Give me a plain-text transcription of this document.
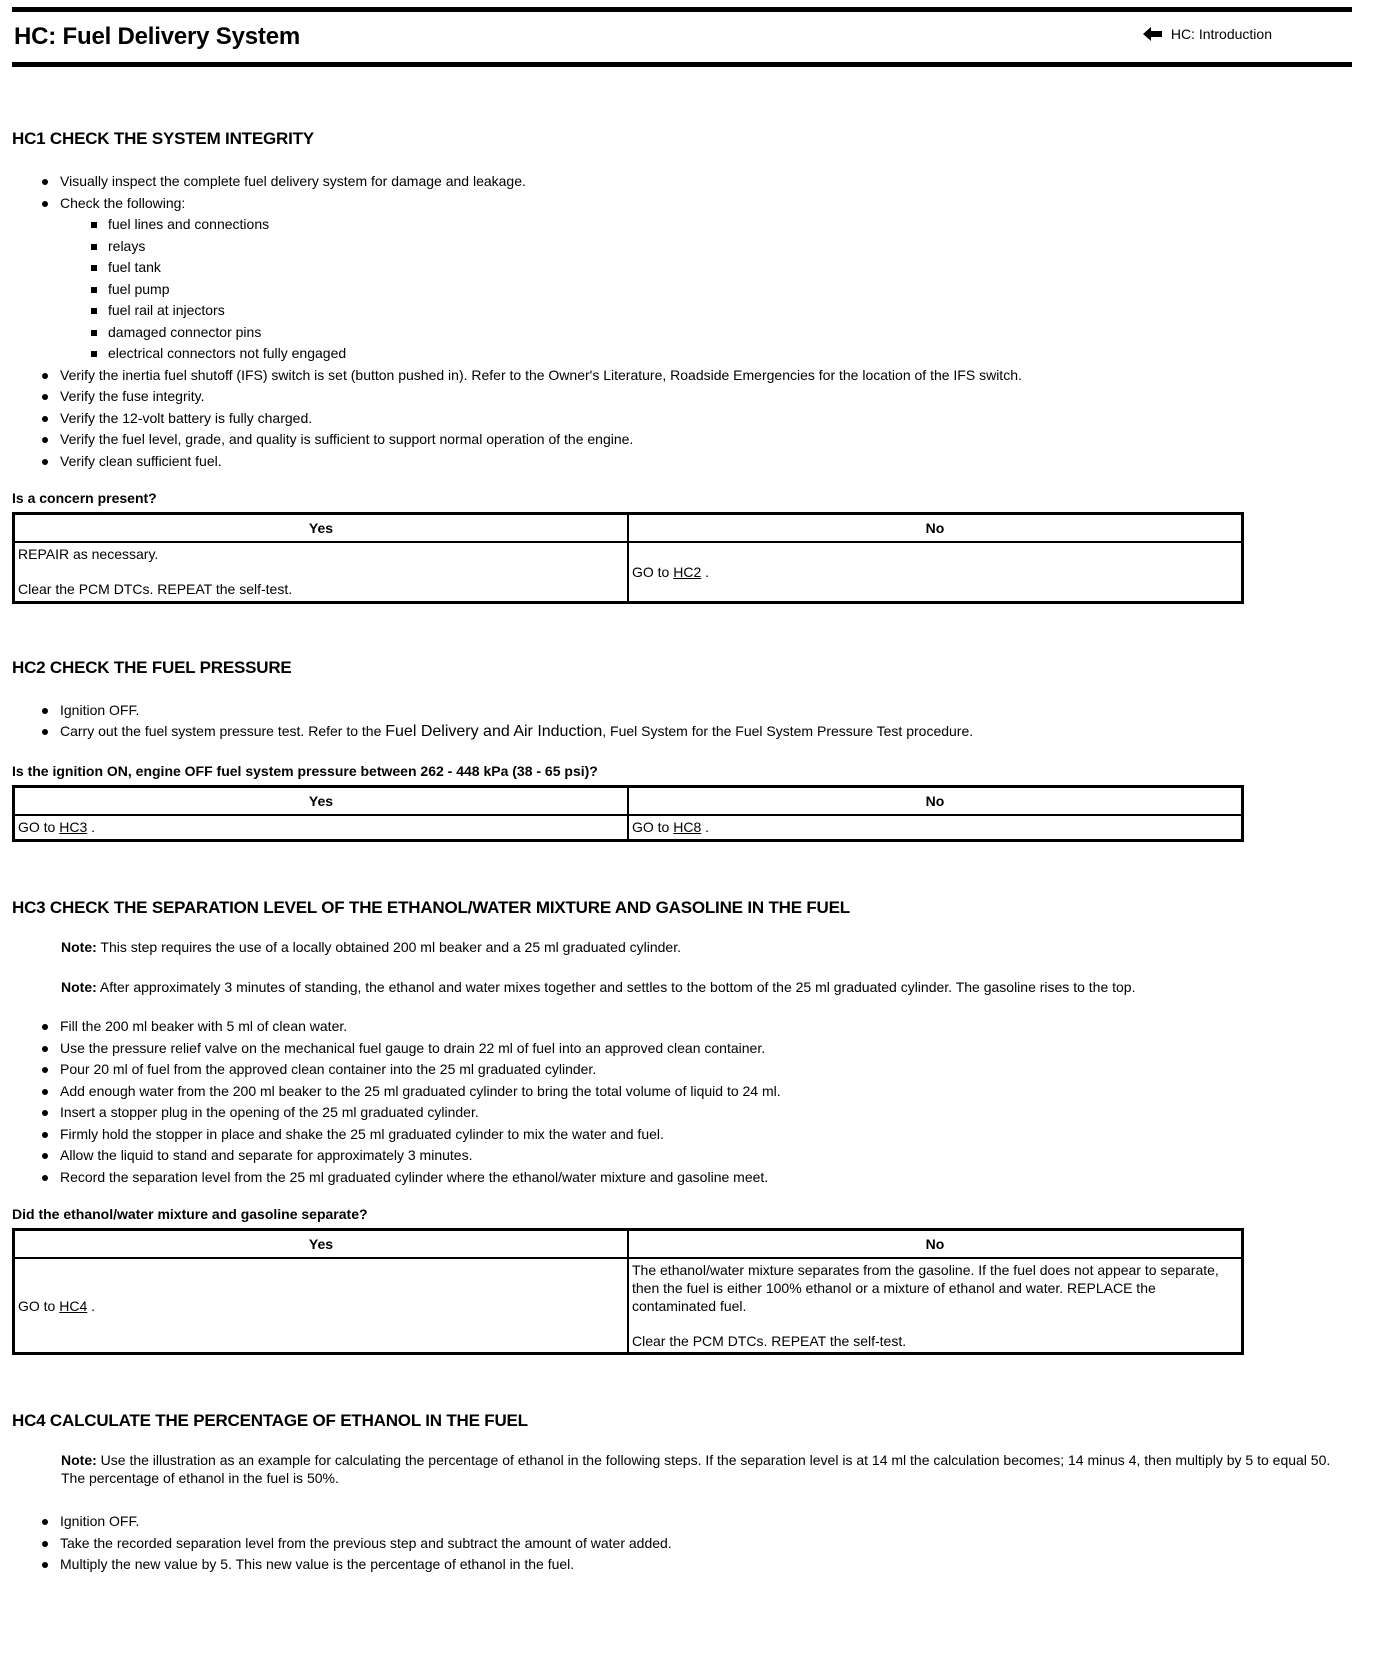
HC: Fuel Delivery System	HC: Introduction
HC1 CHECK THE SYSTEM INTEGRITY
Visually inspect the complete fuel delivery system for damage and leakage.
Check the following:
fuel lines and connections
relays
fuel tank
fuel pump
fuel rail at injectors
damaged connector pins
electrical connectors not fully engaged
Verify the inertia fuel shutoff (IFS) switch is set (button pushed in). Refer to the Owner's Literature, Roadside Emergencies for the location of the IFS switch.
Verify the fuse integrity.
Verify the 12-volt battery is fully charged.
Verify the fuel level, grade, and quality is sufficient to support normal operation of the engine.
Verify clean sufficient fuel.

Is a concern present?

Yes	No

REPAIR as necessary.
Clear the PCM DTCs. REPEAT the self-test.	GO to HC2 .
HC2 CHECK THE FUEL PRESSURE
Ignition OFF.
Carry out the fuel system pressure test. Refer to the Fuel Delivery and Air Induction, Fuel System for the Fuel System Pressure Test procedure.

Is the ignition ON, engine OFF fuel system pressure between 262 - 448 kPa (38 - 65 psi)?

Yes	No
GO to HC3 .	GO to HC8 .
HC3 CHECK THE SEPARATION LEVEL OF THE ETHANOL/WATER MIXTURE AND GASOLINE IN THE FUEL

Note: This step requires the use of a locally obtained 200 ml beaker and a 25 ml graduated cylinder.

Note: After approximately 3 minutes of standing, the ethanol and water mixes together and settles to the bottom of the 25 ml graduated cylinder. The gasoline rises to the top.

Fill the 200 ml beaker with 5 ml of clean water.
Use the pressure relief valve on the mechanical fuel gauge to drain 22 ml of fuel into an approved clean container.
Pour 20 ml of fuel from the approved clean container into the 25 ml graduated cylinder.
Add enough water from the 200 ml beaker to the 25 ml graduated cylinder to bring the total volume of liquid to 24 ml.
Insert a stopper plug in the opening of the 25 ml graduated cylinder.
Firmly hold the stopper in place and shake the 25 ml graduated cylinder to mix the water and fuel.
Allow the liquid to stand and separate for approximately 3 minutes.
Record the separation level from the 25 ml graduated cylinder where the ethanol/water mixture and gasoline meet.

Did the ethanol/water mixture and gasoline separate?

Yes	No
GO to HC4 .	The ethanol/water mixture separates from the gasoline. If the fuel does not appear to separate, then the fuel is either 100% ethanol or a mixture of ethanol and water. REPLACE the contaminated fuel.
Clear the PCM DTCs. REPEAT the self-test.
HC4 CALCULATE THE PERCENTAGE OF ETHANOL IN THE FUEL

Note: Use the illustration as an example for calculating the percentage of ethanol in the following steps. If the separation level is at 14 ml the calculation becomes; 14 minus 4, then multiply by 5 to equal 50. The percentage of ethanol in the fuel is 50%.

Ignition OFF.
Take the recorded separation level from the previous step and subtract the amount of water added.
Multiply the new value by 5. This new value is the percentage of ethanol in the fuel.
